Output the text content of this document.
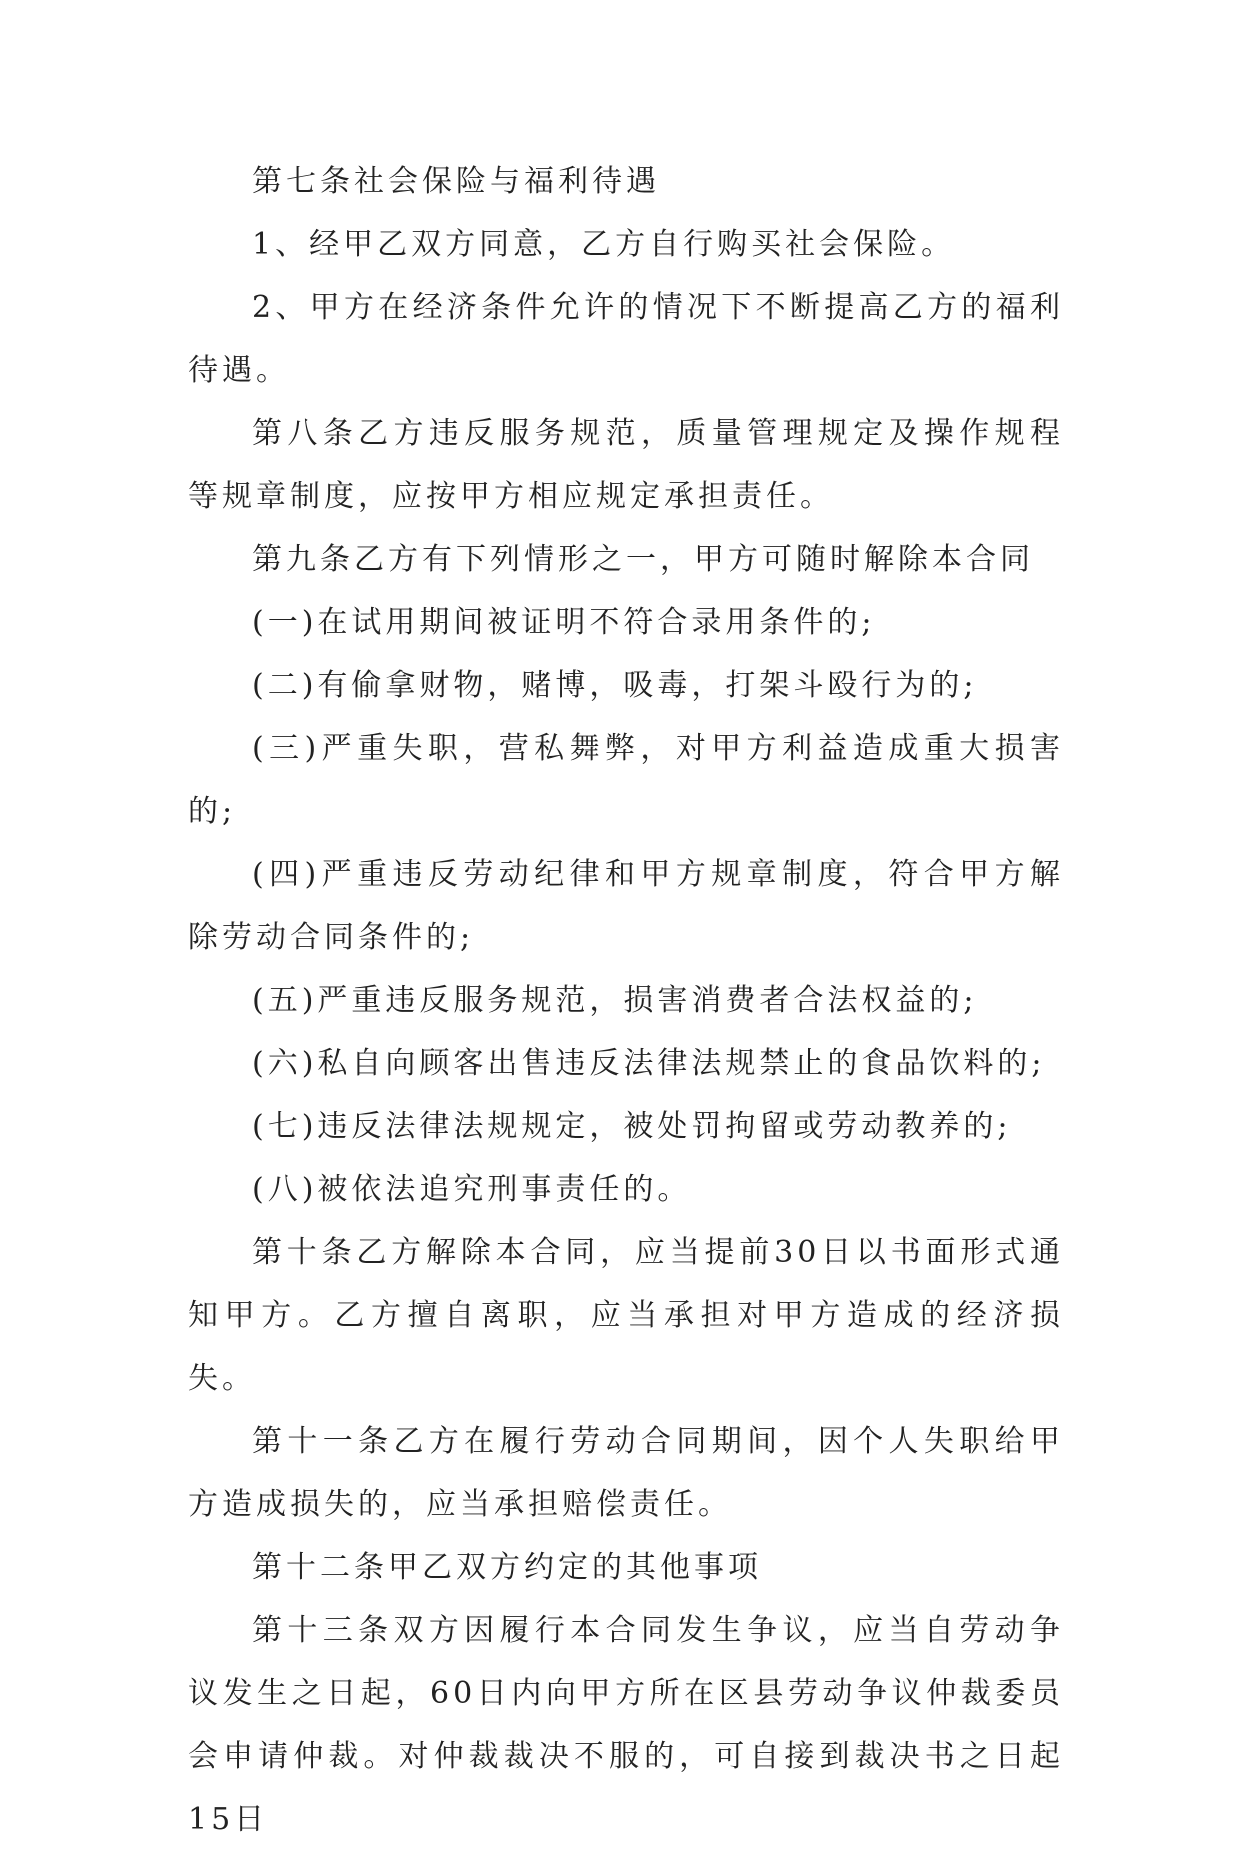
第七条社会保险与福利待遇

1、经甲乙双方同意，乙方自行购买社会保险。

2、甲方在经济条件允许的情况下不断提高乙方的福利待遇。

第八条乙方违反服务规范，质量管理规定及操作规程等规章制度，应按甲方相应规定承担责任。

第九条乙方有下列情形之一，甲方可随时解除本合同

(一)在试用期间被证明不符合录用条件的;

(二)有偷拿财物，赌博，吸毒，打架斗殴行为的;

(三)严重失职，营私舞弊，对甲方利益造成重大损害的;

(四)严重违反劳动纪律和甲方规章制度，符合甲方解除劳动合同条件的;

(五)严重违反服务规范，损害消费者合法权益的;

(六)私自向顾客出售违反法律法规禁止的食品饮料的;

(七)违反法律法规规定，被处罚拘留或劳动教养的;

(八)被依法追究刑事责任的。

第十条乙方解除本合同，应当提前30日以书面形式通知甲方。乙方擅自离职，应当承担对甲方造成的经济损失。

第十一条乙方在履行劳动合同期间，因个人失职给甲方造成损失的，应当承担赔偿责任。

第十二条甲乙双方约定的其他事项

第十三条双方因履行本合同发生争议，应当自劳动争议发生之日起，60日内向甲方所在区县劳动争议仲裁委员会申请仲裁。对仲裁裁决不服的，可自接到裁决书之日起15日
